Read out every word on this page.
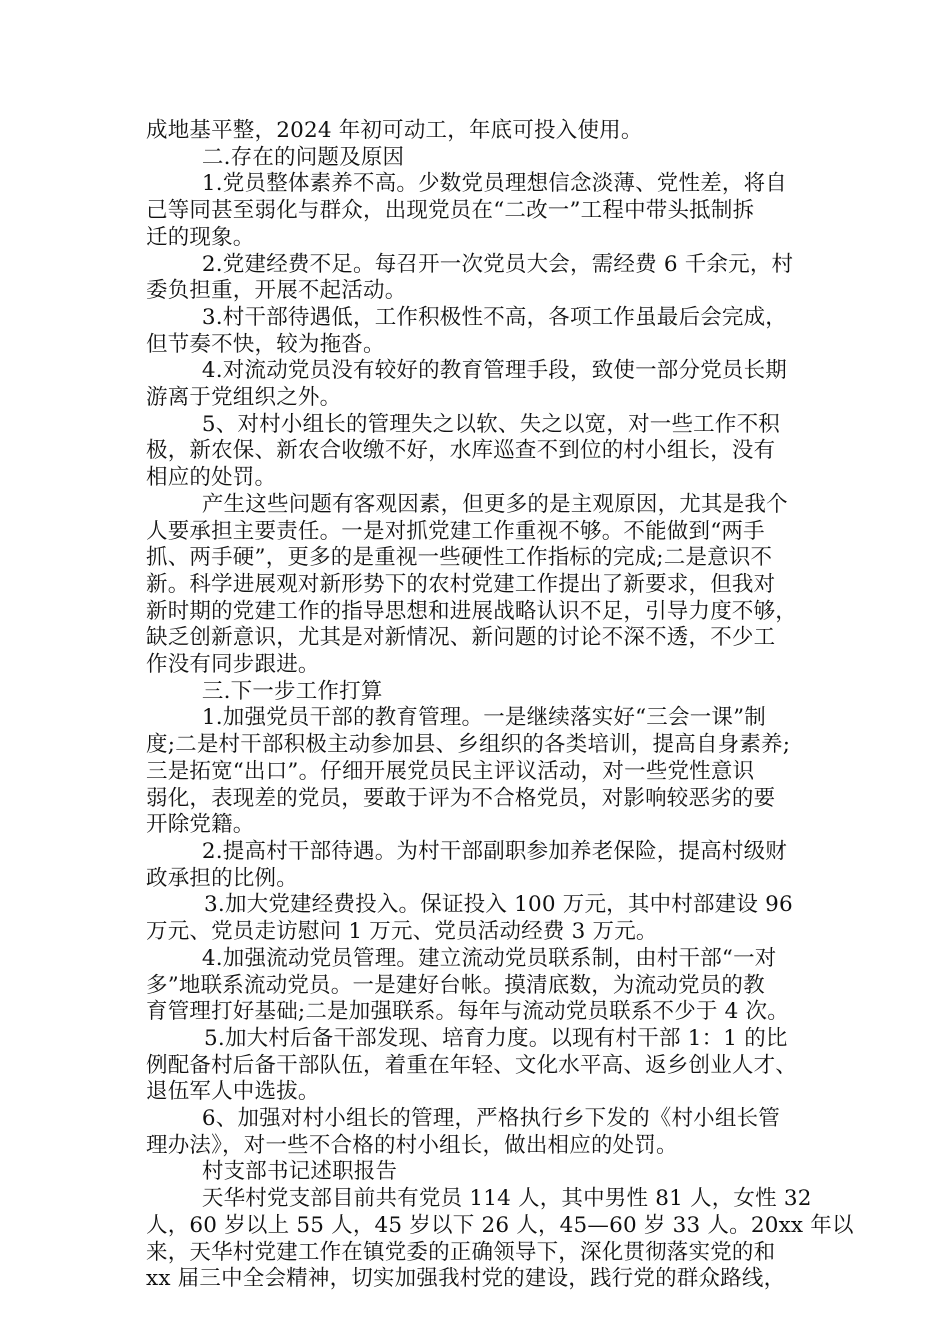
成地基平整，2024 年初可动工，年底可投入使用。
二.存在的问题及原因
1.党员整体素养不高。少数党员理想信念淡薄、党性差，将自
己等同甚至弱化与群众，出现党员在“二改一”工程中带头抵制拆
迁的现象。
2.党建经费不足。每召开一次党员大会，需经费 6 千余元，村
委负担重，开展不起活动。
3.村干部待遇低，工作积极性不高，各项工作虽最后会完成，
但节奏不快，较为拖沓。
4.对流动党员没有较好的教育管理手段，致使一部分党员长期
游离于党组织之外。
5、对村小组长的管理失之以软、失之以宽，对一些工作不积
极，新农保、新农合收缴不好，水库巡查不到位的村小组长，没有
相应的处罚。
产生这些问题有客观因素，但更多的是主观原因，尤其是我个
人要承担主要责任。一是对抓党建工作重视不够。不能做到“两手
抓、两手硬”，更多的是重视一些硬性工作指标的完成;二是意识不
新。科学进展观对新形势下的农村党建工作提出了新要求，但我对
新时期的党建工作的指导思想和进展战略认识不足，引导力度不够，
缺乏创新意识，尤其是对新情况、新问题的讨论不深不透，不少工
作没有同步跟进。
三.下一步工作打算
1.加强党员干部的教育管理。一是继续落实好“三会一课”制
度;二是村干部积极主动参加县、乡组织的各类培训，提高自身素养;
三是拓宽“出口”。仔细开展党员民主评议活动，对一些党性意识
弱化，表现差的党员，要敢于评为不合格党员，对影响较恶劣的要
开除党籍。
2.提高村干部待遇。为村干部副职参加养老保险，提高村级财
政承担的比例。
3.加大党建经费投入。保证投入 100 万元，其中村部建设 96
万元、党员走访慰问 1 万元、党员活动经费 3 万元。
4.加强流动党员管理。建立流动党员联系制，由村干部“一对
多”地联系流动党员。一是建好台帐。摸清底数，为流动党员的教
育管理打好基础;二是加强联系。每年与流动党员联系不少于 4 次。
5.加大村后备干部发现、培育力度。以现有村干部 1：1 的比
例配备村后备干部队伍，着重在年轻、文化水平高、返乡创业人才、
退伍军人中选拔。
6、加强对村小组长的管理，严格执行乡下发的《村小组长管
理办法》，对一些不合格的村小组长，做出相应的处罚。
村支部书记述职报告
天华村党支部目前共有党员 114 人，其中男性 81 人，女性 32
人，60 岁以上 55 人，45 岁以下 26 人，45—60 岁 33 人。20xx 年以
来，天华村党建工作在镇党委的正确领导下，深化贯彻落实党的和
xx 届三中全会精神，切实加强我村党的建设，践行党的群众路线，
